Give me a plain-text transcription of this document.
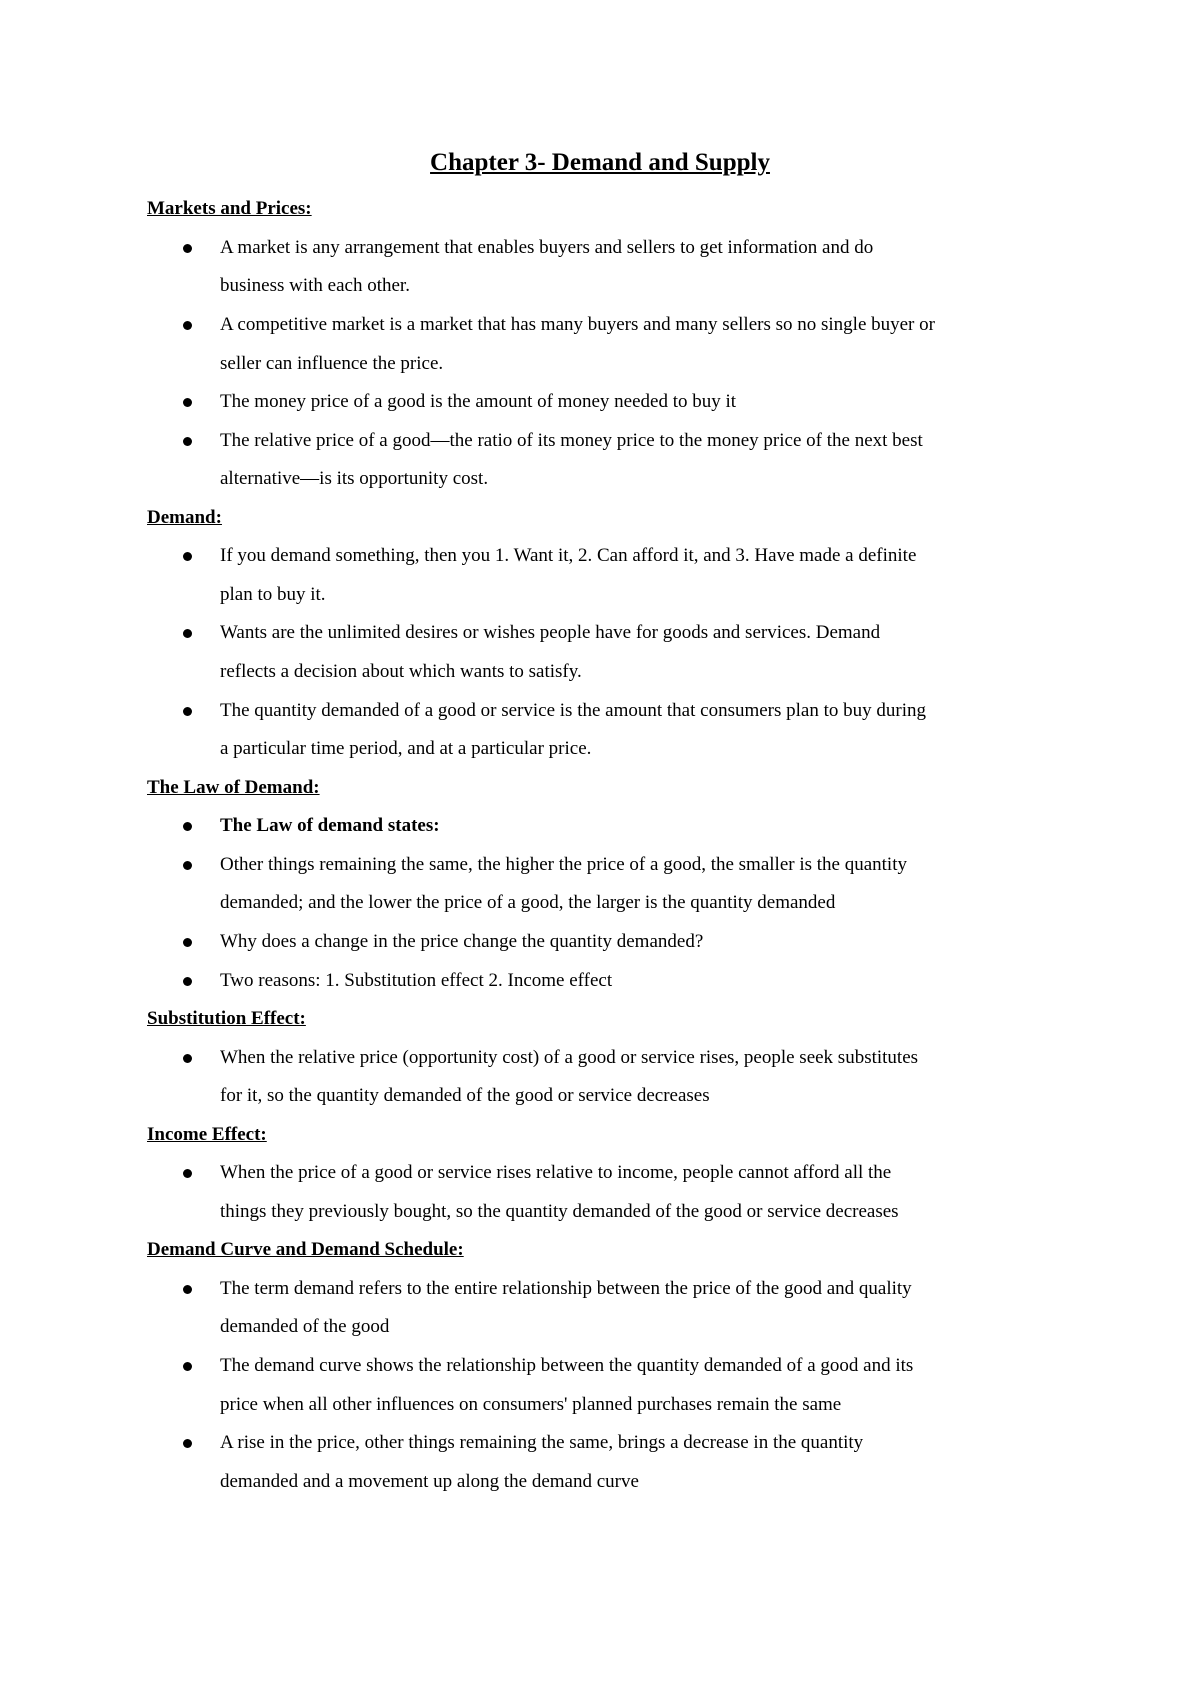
Chapter 3- Demand and Supply
Markets and Prices:
A market is any arrangement that enables buyers and sellers to get information and do
business with each other.
A competitive market is a market that has many buyers and many sellers so no single buyer or
seller can influence the price.
The money price of a good is the amount of money needed to buy it
The relative price of a good—the ratio of its money price to the money price of the next best
alternative—is its opportunity cost.
Demand:
If you demand something, then you 1. Want it, 2. Can afford it, and 3. Have made a definite
plan to buy it.
Wants are the unlimited desires or wishes people have for goods and services. Demand
reflects a decision about which wants to satisfy.
The quantity demanded of a good or service is the amount that consumers plan to buy during
a particular time period, and at a particular price.
The Law of Demand:
The Law of demand states:
Other things remaining the same, the higher the price of a good, the smaller is the quantity
demanded; and the lower the price of a good, the larger is the quantity demanded
Why does a change in the price change the quantity demanded?
Two reasons: 1. Substitution effect 2. Income effect
Substitution Effect:
When the relative price (opportunity cost) of a good or service rises, people seek substitutes
for it, so the quantity demanded of the good or service decreases
Income Effect:
When the price of a good or service rises relative to income, people cannot afford all the
things they previously bought, so the quantity demanded of the good or service decreases
Demand Curve and Demand Schedule:
The term demand refers to the entire relationship between the price of the good and quality
demanded of the good
The demand curve shows the relationship between the quantity demanded of a good and its
price when all other influences on consumers' planned purchases remain the same
A rise in the price, other things remaining the same, brings a decrease in the quantity
demanded and a movement up along the demand curve
